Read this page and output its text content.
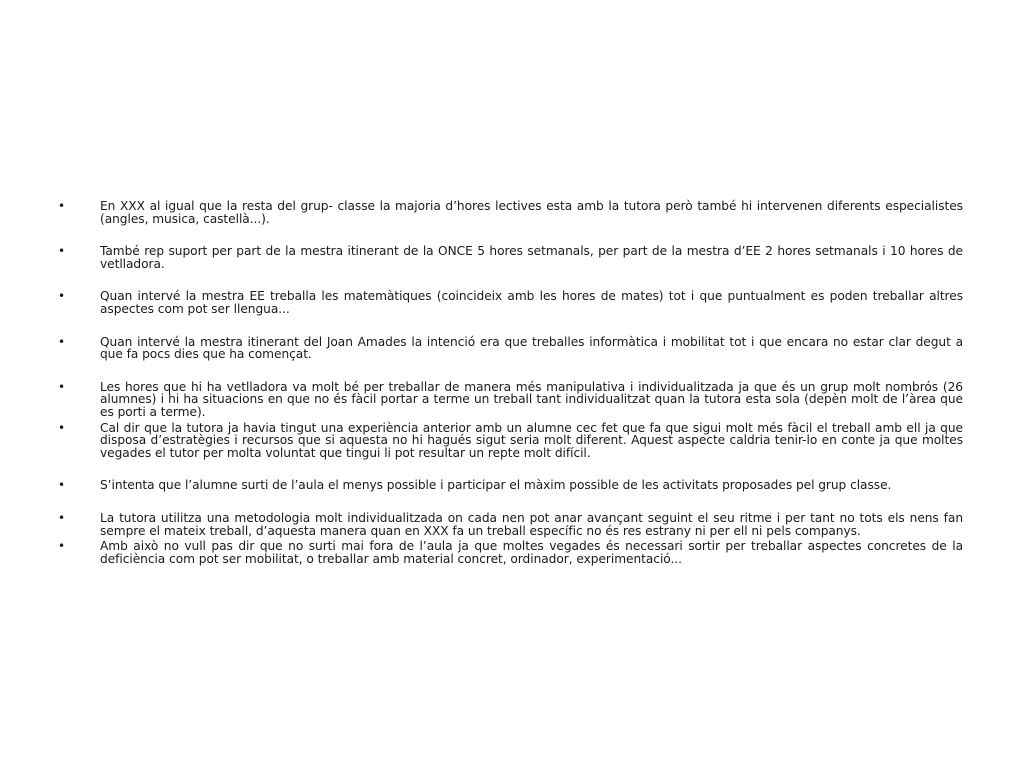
•	En XXX al igual que la resta del grup- classe la majoria d’hores lectives esta amb la tutora però també hi intervenen diferents especialistes (angles, musica, castellà...).
•	També rep suport per part de la mestra itinerant de la ONCE 5 hores setmanals, per part de la mestra d’EE 2 hores setmanals i 10 hores de vetlladora.
•	Quan intervé la mestra EE treballa les matemàtiques (coincideix amb les hores de mates) tot i que puntualment es poden treballar altres aspectes com pot ser llengua...
•	Quan intervé la mestra itinerant del Joan Amades la intenció era que treballes informàtica i mobilitat tot i que encara no estar clar degut a que fa pocs dies que ha començat.
•	Les hores que hi ha vetlladora va molt bé per treballar de manera més manipulativa i individualitzada ja que és un grup molt nombrós (26 alumnes) i hi ha situacions en que no és fàcil portar a terme un treball tant individualitzat quan la tutora esta sola (depèn molt de l’àrea que es porti a terme).
•	Cal dir que la tutora ja havia tingut una experiència anterior amb un alumne cec fet que fa que sigui molt més fàcil el treball amb ell ja que disposa d’estratègies i recursos que si aquesta no hi hagués sigut seria molt diferent. Aquest aspecte caldria tenir-lo en conte ja que moltes vegades el tutor per molta voluntat que tingui li pot resultar un repte molt difícil.
•	S’intenta que l’alumne surti de l’aula el menys possible i participar el màxim possible de les activitats proposades pel grup classe.
•	La tutora utilitza una metodologia molt individualitzada on cada nen pot anar avançant seguint el seu ritme i per tant no tots els nens fan sempre el mateix treball, d’aquesta manera quan en XXX fa un treball específic no és res estrany ni per ell ni pels companys.
•	Amb això no vull pas dir que no surti mai fora de l’aula ja que moltes vegades és necessari sortir per treballar aspectes concretes de la deficiència com pot ser mobilitat, o treballar amb material concret, ordinador, experimentació...
